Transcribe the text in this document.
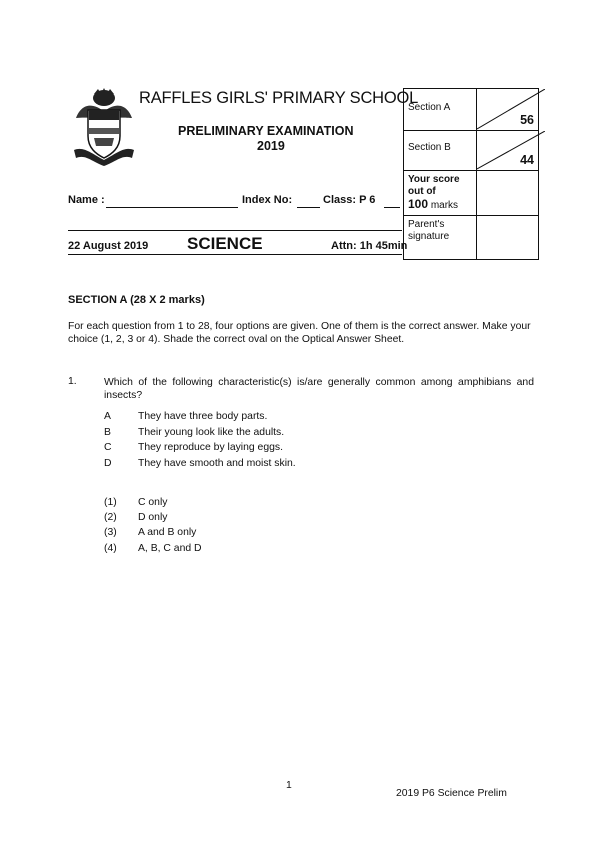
RAFFLES GIRLS' PRIMARY SCHOOL
PRELIMINARY EXAMINATION
2019
Name :	Index No:	Class: P 6
22 August 2019 SCIENCE	Attn: 1h 45min
Section A	56

Section B	44

Your score
out of
100 marks	

Parent's
signature	

SECTION A (28 X 2 marks)
For each question from 1 to 28, four options are given. One of them is the correct answer. Make your choice (1, 2, 3 or 4). Shade the correct oval on the Optical Answer Sheet.
1.	Which of the following characteristic(s) is/are generally common among amphibians and insects?
A	They have three body parts.
B	Their young look like the adults.
C	They reproduce by laying eggs.
D	They have smooth and moist skin.
(1) C only
(2) D only
(3) A and B only
(4) A, B, C and D
1
2019 P6 Science Prelim
